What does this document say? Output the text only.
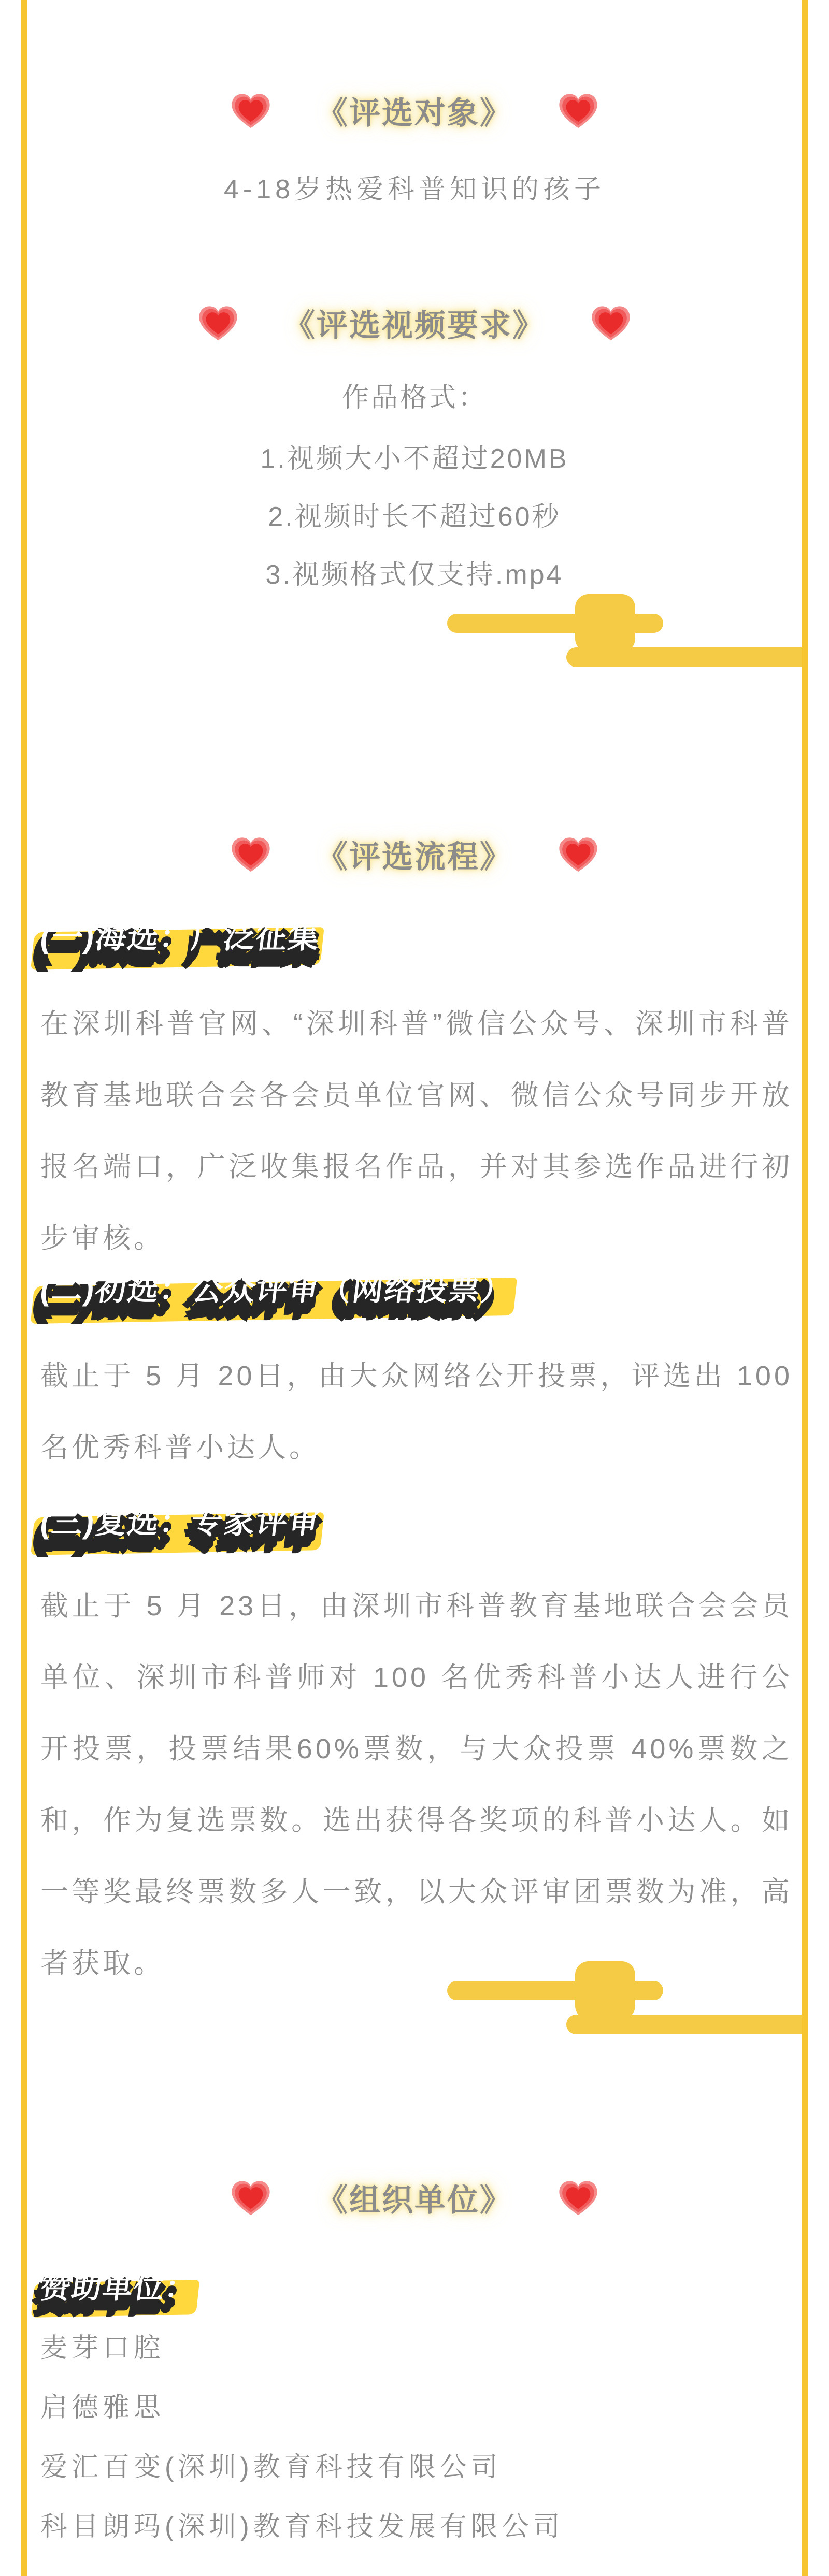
《评选对象》
4-18岁热爱科普知识的孩子
《评选视频要求》
作品格式：
1.视频大小不超过20MB
2.视频时长不超过60秒
3.视频格式仅支持.mp4
《评选流程》
(一)海选：广泛征集 (一)海选：广泛征集 (一)海选：广泛征集

在深圳科普官网、“深圳科普”微信公众号、深圳市科普教育基地联合会各会员单位官网、微信公众号同步开放报名端口，广泛收集报名作品，并对其参选作品进行初步审核。

(二)初选：公众评审（网络投票） (二)初选：公众评审（网络投票） (二)初选：公众评审（网络投票）

截止于 5 月 20日，由大众网络公开投票，评选出 100 名优秀科普小达人。

(三)复选：专家评审 (三)复选：专家评审 (三)复选：专家评审

截止于 5 月 23日，由深圳市科普教育基地联合会会员单位、深圳市科普师对 100 名优秀科普小达人进行公开投票，投票结果60%票数，与大众投票 40%票数之和，作为复选票数。选出获得各奖项的科普小达人。如一等奖最终票数多人一致，以大众评审团票数为准，高者获取。

《组织单位》
赞助单位： 赞助单位： 赞助单位：
麦芽口腔
启德雅思
爱汇百变(深圳)教育科技有限公司
科目朗玛(深圳)教育科技发展有限公司
